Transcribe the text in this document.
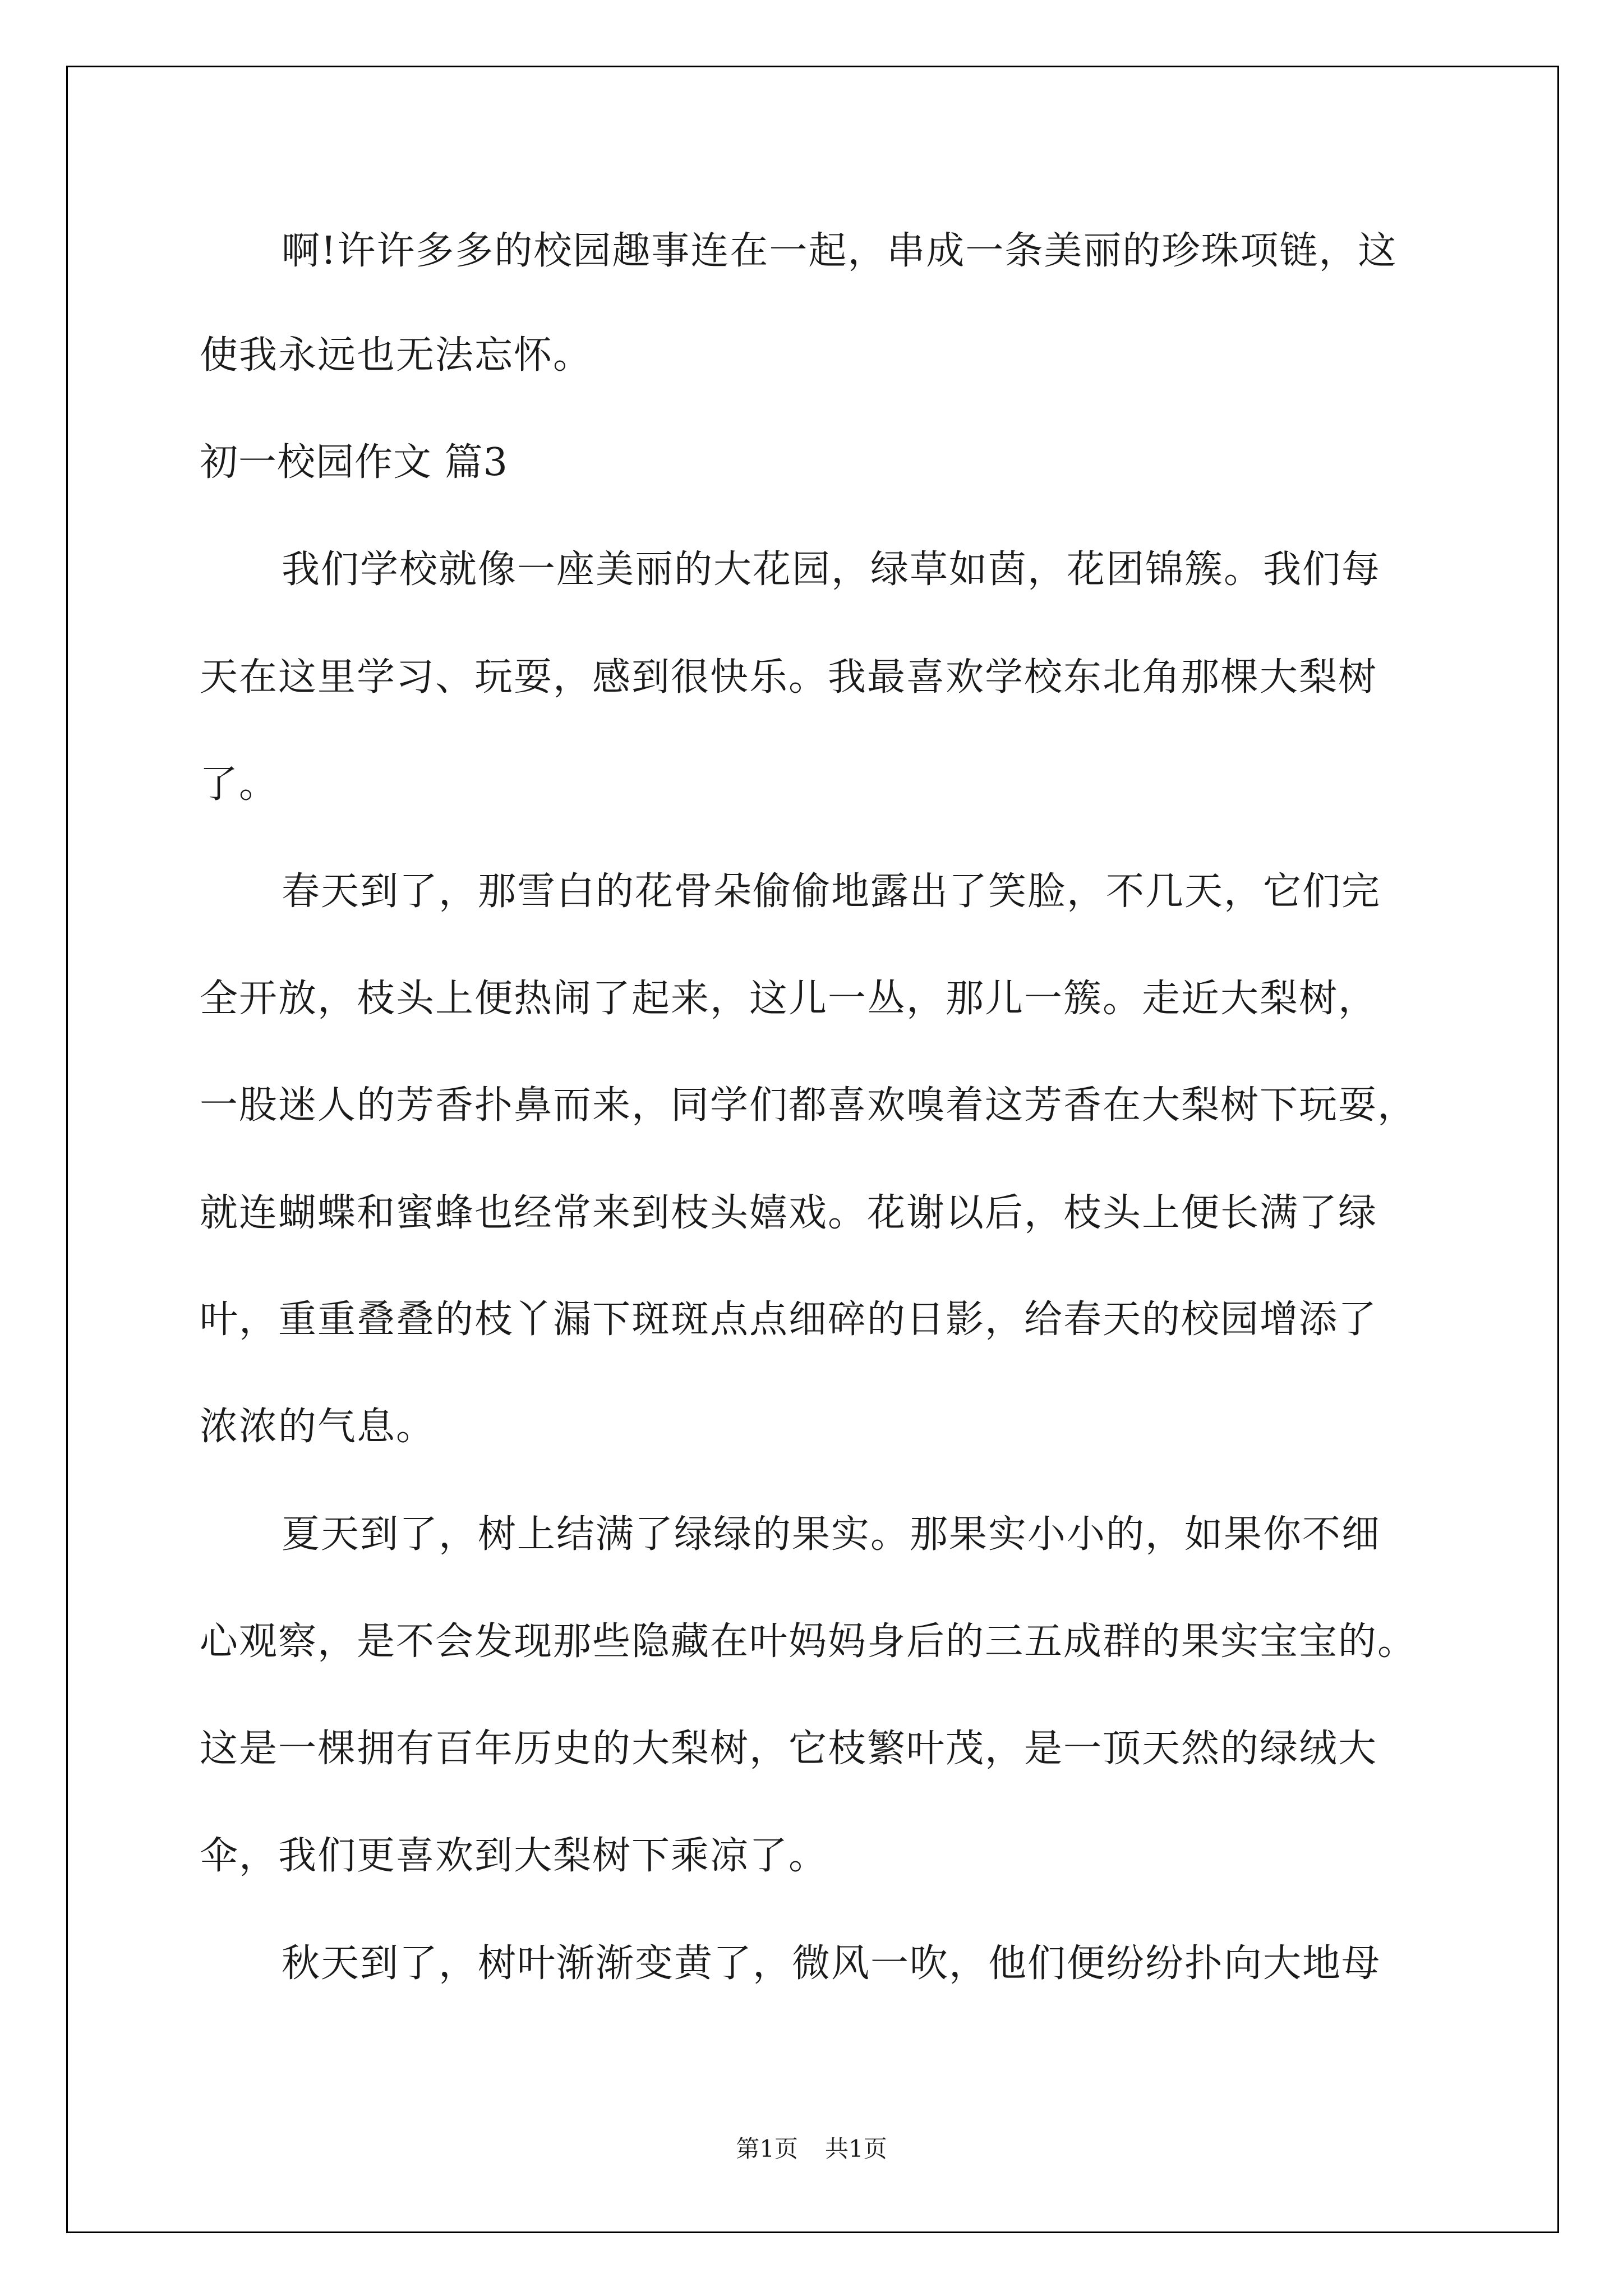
啊!许许多多的校园趣事连在一起，串成一条美丽的珍珠项链，这
使我永远也无法忘怀。
初一校园作文 篇3
我们学校就像一座美丽的大花园，绿草如茵，花团锦簇。我们每
天在这里学习、玩耍，感到很快乐。我最喜欢学校东北角那棵大梨树
了。
春天到了，那雪白的花骨朵偷偷地露出了笑脸，不几天，它们完
全开放，枝头上便热闹了起来，这儿一丛，那儿一簇。走近大梨树，
一股迷人的芳香扑鼻而来，同学们都喜欢嗅着这芳香在大梨树下玩耍，
就连蝴蝶和蜜蜂也经常来到枝头嬉戏。花谢以后，枝头上便长满了绿
叶，重重叠叠的枝丫漏下斑斑点点细碎的日影，给春天的校园增添了
浓浓的气息。
夏天到了，树上结满了绿绿的果实。那果实小小的，如果你不细
心观察，是不会发现那些隐藏在叶妈妈身后的三五成群的果实宝宝的。
这是一棵拥有百年历史的大梨树，它枝繁叶茂，是一顶天然的绿绒大
伞，我们更喜欢到大梨树下乘凉了。
秋天到了，树叶渐渐变黄了，微风一吹，他们便纷纷扑向大地母
第1页 共1页
